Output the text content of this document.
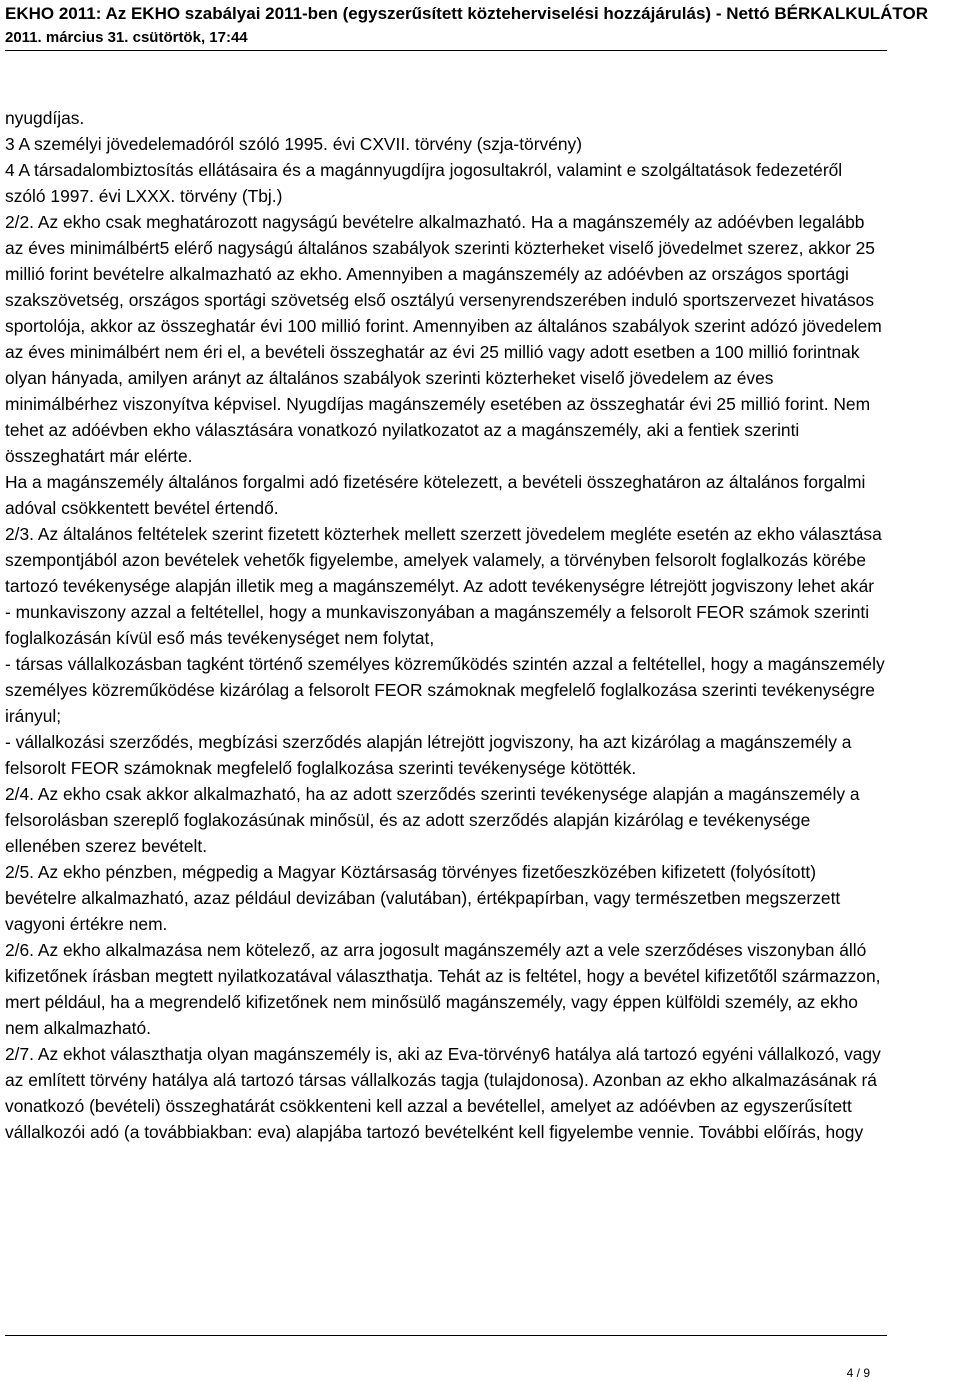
EKHO 2011: Az EKHO szabályai 2011-ben (egyszerűsített közteherviselési hozzájárulás) - Nettó BÉRKALKULÁTOR
2011. március 31. csütörtök, 17:44

nyugdíjas.

3 A személyi jövedelemadóról szóló 1995. évi CXVII. törvény (szja-törvény)

4 A társadalombiztosítás ellátásaira és a magánnyugdíjra jogosultakról, valamint e szolgáltatások fedezetéről szóló 1997. évi LXXX. törvény (Tbj.)

2/2. Az ekho csak meghatározott nagyságú bevételre alkalmazható. Ha a magánszemély az adóévben legalább az éves minimálbért5 elérő nagyságú általános szabályok szerinti közterheket viselő jövedelmet szerez, akkor 25 millió forint bevételre alkalmazható az ekho. Amennyiben a magánszemély az adóévben az országos sportági szakszövetség, országos sportági szövetség első osztályú versenyrendszerében induló sportszervezet hivatásos sportolója, akkor az összeghatár évi 100 millió forint. Amennyiben az általános szabályok szerint adózó jövedelem az éves minimálbért nem éri el, a bevételi összeghatár az évi 25 millió vagy adott esetben a 100 millió forintnak olyan hányada, amilyen arányt az általános szabályok szerinti közterheket viselő jövedelem az éves minimálbérhez viszonyítva képvisel. Nyugdíjas magánszemély esetében az összeghatár évi 25 millió forint. Nem tehet az adóévben ekho választására vonatkozó nyilatkozatot az a magánszemély, aki a fentiek szerinti összeghatárt már elérte.

Ha a magánszemély általános forgalmi adó fizetésére kötelezett, a bevételi összeghatáron az általános forgalmi adóval csökkentett bevétel értendő.

2/3. Az általános feltételek szerint fizetett közterhek mellett szerzett jövedelem megléte esetén az ekho választása szempontjából azon bevételek vehetők figyelembe, amelyek valamely, a törvényben felsorolt foglalkozás körébe tartozó tevékenysége alapján illetik meg a magánszemélyt. Az adott tevékenységre létrejött jogviszony lehet akár

- munkaviszony azzal a feltétellel, hogy a munkaviszonyában a magánszemély a felsorolt FEOR számok szerinti foglalkozásán kívül eső más tevékenységet nem folytat,

- társas vállalkozásban tagként történő személyes közreműködés szintén azzal a feltétellel, hogy a magánszemély személyes közreműködése kizárólag a felsorolt FEOR számoknak megfelelő foglalkozása szerinti tevékenységre irányul;

- vállalkozási szerződés, megbízási szerződés alapján létrejött jogviszony, ha azt kizárólag a magánszemély a felsorolt FEOR számoknak megfelelő foglalkozása szerinti tevékenysége kötötték.

2/4. Az ekho csak akkor alkalmazható, ha az adott szerződés szerinti tevékenysége alapján a magánszemély a felsorolásban szereplő foglakozásúnak minősül, és az adott szerződés alapján kizárólag e tevékenysége ellenében szerez bevételt.

2/5. Az ekho pénzben, mégpedig a Magyar Köztársaság törvényes fizetőeszközében kifizetett (folyósított) bevételre alkalmazható, azaz például devizában (valutában), értékpapírban, vagy természetben megszerzett vagyoni értékre nem.

2/6. Az ekho alkalmazása nem kötelező, az arra jogosult magánszemély azt a vele szerződéses viszonyban álló kifizetőnek írásban megtett nyilatkozatával választhatja. Tehát az is feltétel, hogy a bevétel kifizetőtől származzon, mert például, ha a megrendelő kifizetőnek nem minősülő magánszemély, vagy éppen külföldi személy, az ekho nem alkalmazható.

2/7. Az ekhot választhatja olyan magánszemély is, aki az Eva-törvény6 hatálya alá tartozó egyéni vállalkozó, vagy az említett törvény hatálya alá tartozó társas vállalkozás tagja (tulajdonosa). Azonban az ekho alkalmazásának rá vonatkozó (bevételi) összeghatárát csökkenteni kell azzal a bevétellel, amelyet az adóévben az egyszerűsített vállalkozói adó (a továbbiakban: eva) alapjába tartozó bevételként kell figyelembe vennie. További előírás, hogy

4 / 9
